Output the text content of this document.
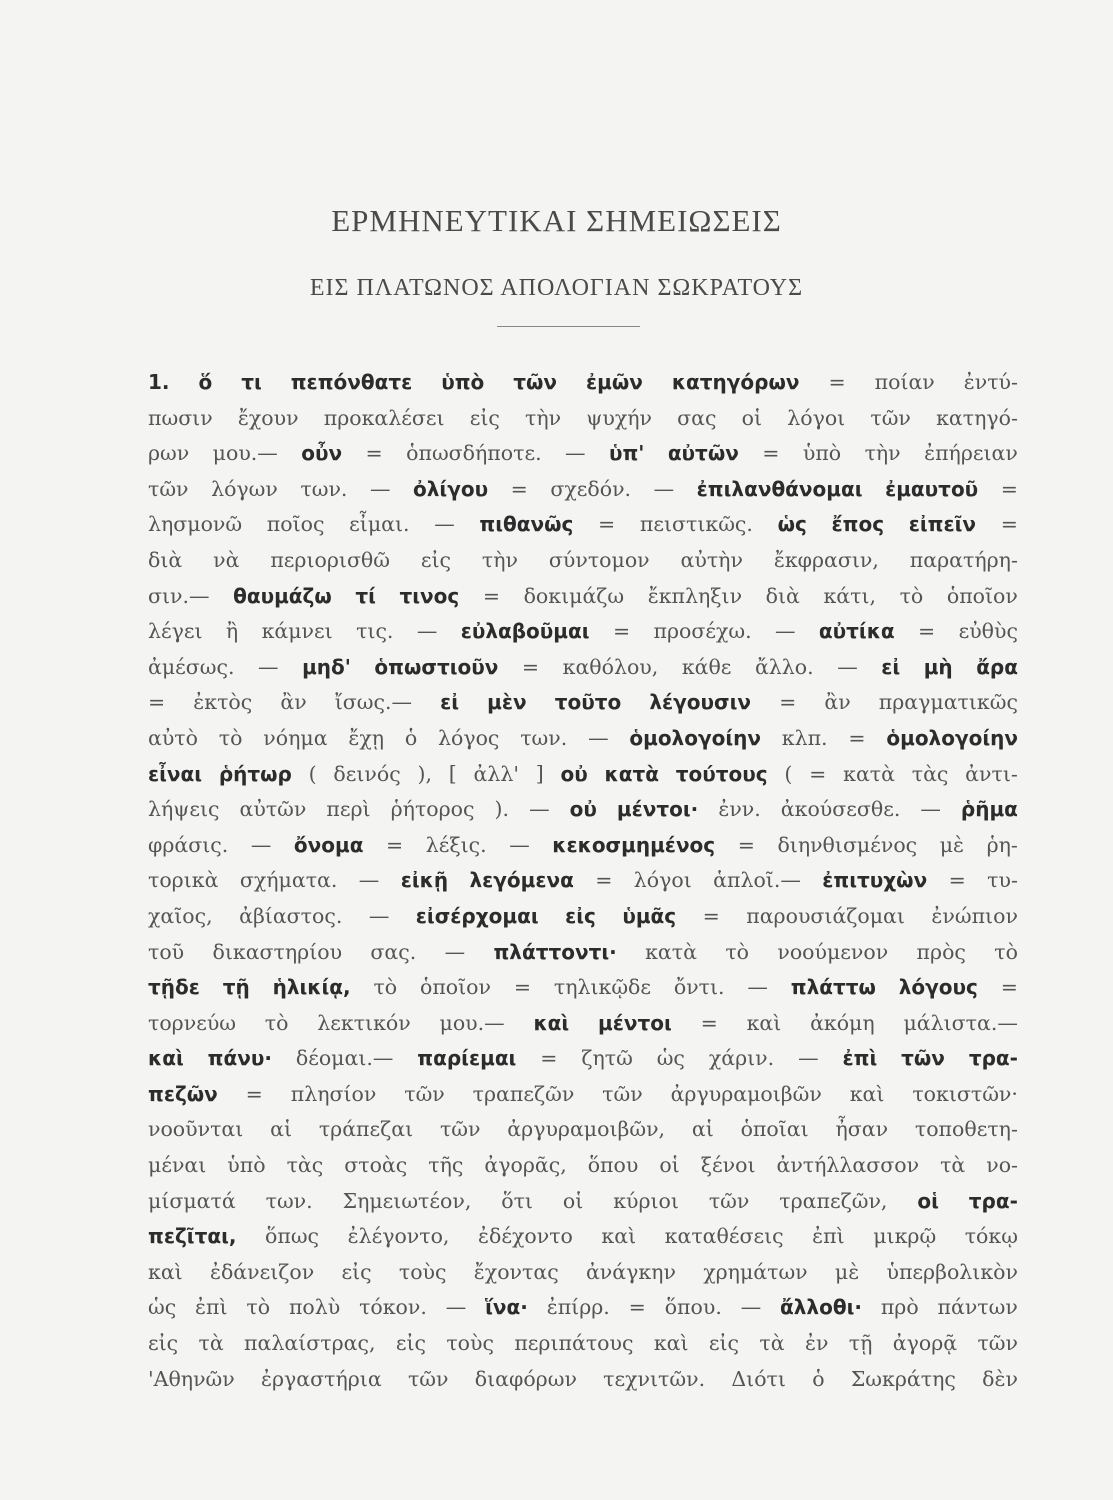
ΕΡΜΗΝΕΥΤΙΚΑΙ ΣΗΜΕΙΩΣΕΙΣ
ΕΙΣ ΠΛΑΤΩΝΟΣ ΑΠΟΛΟΓΙΑΝ ΣΩΚΡΑΤΟΥΣ
1. ὅ τι πεπόνθατε ὑπὸ τῶν ἐμῶν κατηγόρων = ποίαν ἐντύ-
πωσιν ἔχουν προκαλέσει εἰς τὴν ψυχήν σας οἱ λόγοι τῶν κατηγό-
ρων μου.— οὖν = ὁπωσδήποτε. — ὑπ' αὐτῶν = ὑπὸ τὴν ἐπήρειαν
τῶν λόγων των. — ὀλίγου = σχεδόν. — ἐπιλανθάνομαι ἐμαυτοῦ =
λησμονῶ ποῖος εἶμαι. — πιθανῶς = πειστικῶς. ὡς ἔπος εἰπεῖν =
διὰ νὰ περιορισθῶ εἰς τὴν σύντομον αὐτὴν ἔκφρασιν, παρατήρη-
σιν.— θαυμάζω τί τινος = δοκιμάζω ἔκπληξιν διὰ κάτι, τὸ ὁποῖον
λέγει ἢ κάμνει τις. — εὐλαβοῦμαι = προσέχω. — αὐτίκα = εὐθὺς
ἀμέσως. — μηδ' ὁπωστιοῦν = καθόλου, κάθε ἄλλο. — εἰ μὴ ἄρα
= ἐκτὸς ἂν ἴσως.— εἰ μὲν τοῦτο λέγουσιν = ἂν πραγματικῶς
αὐτὸ τὸ νόημα ἔχῃ ὁ λόγος των. — ὁμολογοίην κλπ. = ὁμολογοίην
εἶναι ῥήτωρ ( δεινός ), [ ἀλλ' ] οὐ κατὰ τούτους ( = κατὰ τὰς ἀντι-
λήψεις αὐτῶν περὶ ῥήτορος ). — οὐ μέντοι· ἐνν. ἀκούσεσθε. — ῥῆμα
φράσις. — ὄνομα = λέξις. — κεκοσμημένος = διηνθισμένος μὲ ῥη-
τορικὰ σχήματα. — εἰκῇ λεγόμενα = λόγοι ἁπλοῖ.— ἐπιτυχὼν = τυ-
χαῖος, ἀβίαστος. — εἰσέρχομαι εἰς ὑμᾶς = παρουσιάζομαι ἐνώπιον
τοῦ δικαστηρίου σας. — πλάττοντι· κατὰ τὸ νοούμενον πρὸς τὸ
τῇδε τῇ ἡλικίᾳ, τὸ ὁποῖον = τηλικῷδε ὄντι. — πλάττω λόγους =
τορνεύω τὸ λεκτικόν μου.— καὶ μέντοι = καὶ ἀκόμη μάλιστα.—
καὶ πάνυ· δέομαι.— παρίεμαι = ζητῶ ὡς χάριν. — ἐπὶ τῶν τρα-
πεζῶν = πλησίον τῶν τραπεζῶν τῶν ἀργυραμοιβῶν καὶ τοκιστῶν·
νοοῦνται αἱ τράπεζαι τῶν ἀργυραμοιβῶν, αἱ ὁποῖαι ἦσαν τοποθετη-
μέναι ὑπὸ τὰς στοὰς τῆς ἀγορᾶς, ὅπου οἱ ξένοι ἀντήλλασσον τὰ νο-
μίσματά των. Σημειωτέον, ὅτι οἱ κύριοι τῶν τραπεζῶν, οἱ τρα-
πεζῖται, ὅπως ἐλέγοντο, ἐδέχοντο καὶ καταθέσεις ἐπὶ μικρῷ τόκῳ
καὶ ἐδάνειζον εἰς τοὺς ἔχοντας ἀνάγκην χρημάτων μὲ ὑπερβολικὸν
ὡς ἐπὶ τὸ πολὺ τόκον. — ἵνα· ἐπίρρ. = ὅπου. — ἄλλοθι· πρὸ πάντων
εἰς τὰ παλαίστρας, εἰς τοὺς περιπάτους καὶ εἰς τὰ ἐν τῇ ἀγορᾷ τῶν
'Αθηνῶν ἐργαστήρια τῶν διαφόρων τεχνιτῶν. Διότι ὁ Σωκράτης δὲν
